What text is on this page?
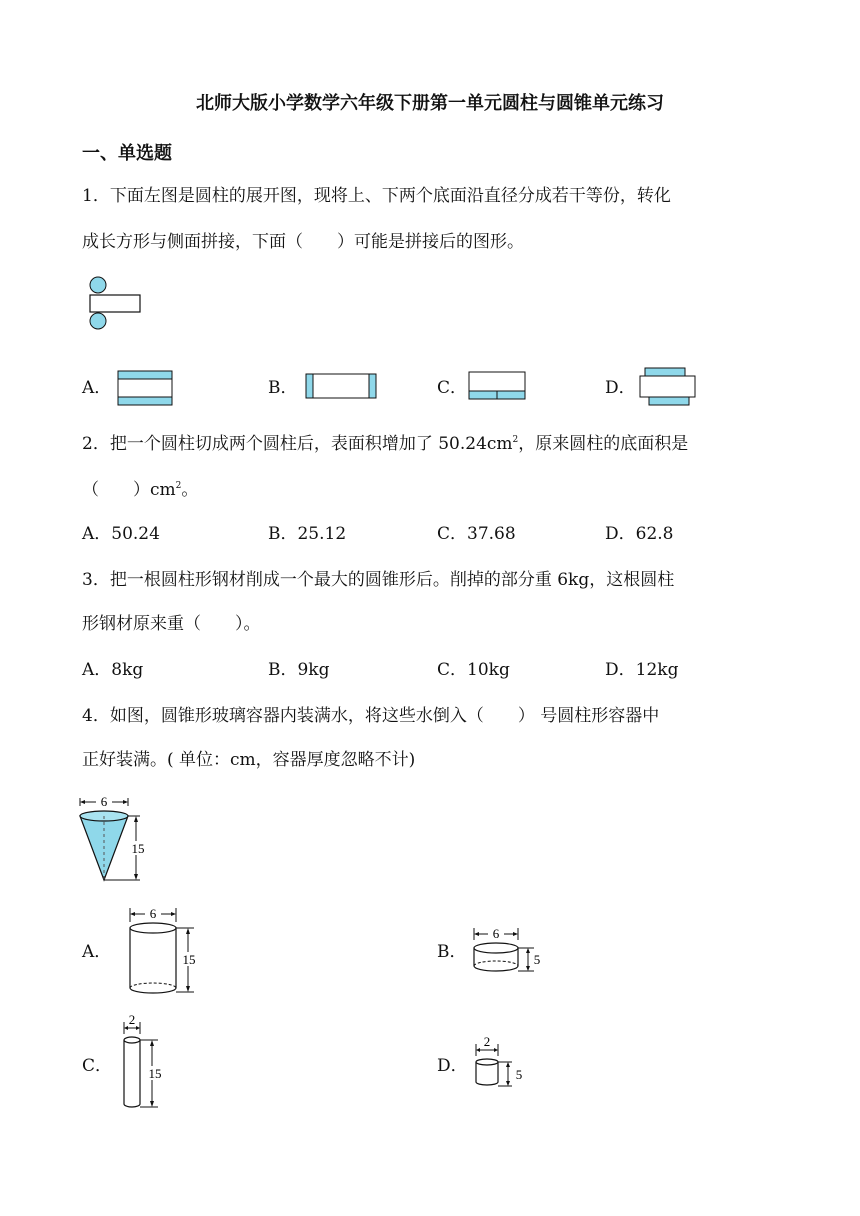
北师大版小学数学六年级下册第一单元圆柱与圆锥单元练习
一、单选题
1．下面左图是圆柱的展开图，现将上、下两个底面沿直径分成若干等份，转化
成长方形与侧面拼接，下面（　　）可能是拼接后的图形。
A．	B．	C．	D．
2．把一个圆柱切成两个圆柱后，表面积增加了 $50.24cm^2$，原来圆柱的底面积是
（　　）$cm^2$。
A．50.24	B．25.12	C．37.68	D．62.8
3．把一根圆柱形钢材削成一个最大的圆锥形后。削掉的部分重 6kg，这根圆柱
形钢材原来重（　　）。
A．8kg	B．9kg	C．10kg	D．12kg
4．如图，圆锥形玻璃容器内装满水，将这些水倒入（　　） 号圆柱形容器中
正好装满。( 单位：cm，容器厚度忽略不计)
6
15
A．
6
15	B．
6
5
C．
2
15	D．
2
5
